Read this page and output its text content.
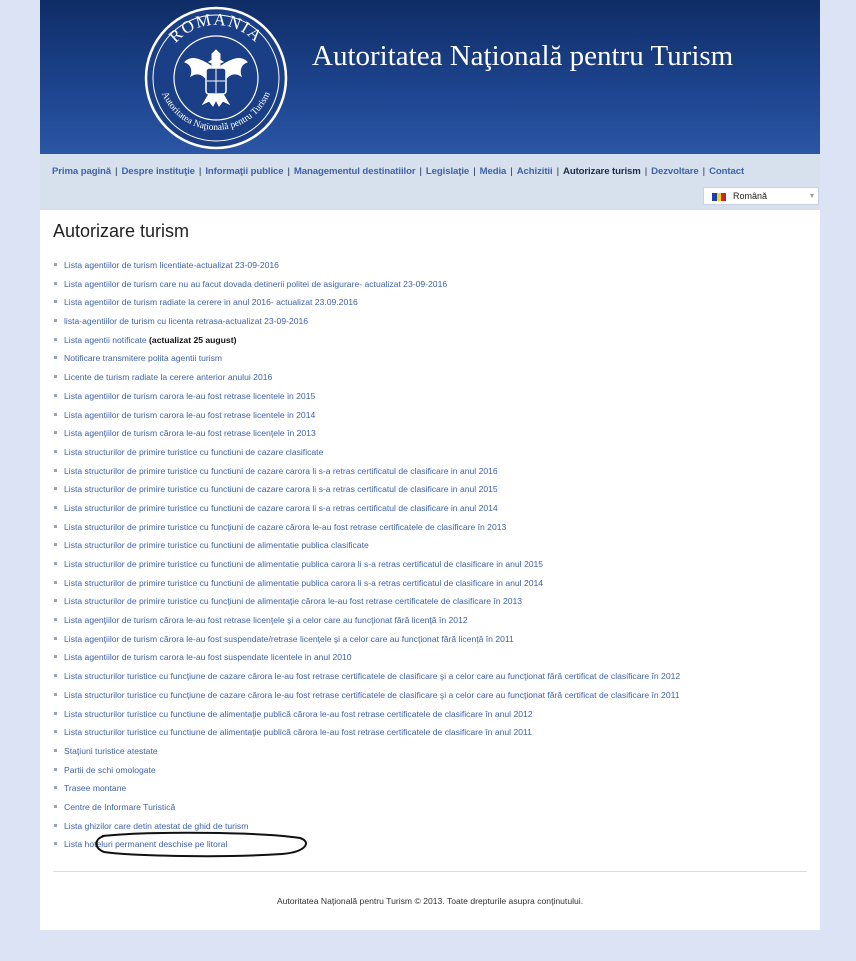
ROMANIA
Autoritatea Naţională pentru Turism
Autoritatea Naţională pentru Turism
Prima pagină | Despre instituţie | Informaţii publice | Managementul destinatiilor | Legislaţie | Media | Achizitii | Autorizare turism | Dezvoltare | Contact
Română	▾
Autorizare turism
Lista agentiilor de turism licentiate-actualizat 23-09-2016
Lista agentiilor de turism care nu au facut dovada detinerii politei de asigurare- actualizat 23-09-2016
Lista agentiilor de turism radiate la cerere in anul 2016- actualizat 23.09.2016
lista-agentiilor de turism cu licenta retrasa-actualizat 23-09-2016
Lista agentii notificate (actualizat 25 august)
Notificare transmitere polita agentii turism
Licente de turism radiate la cerere anterior anului 2016
Lista agentiilor de turism carora le-au fost retrase licentele in 2015
Lista agentiilor de turism carora le-au fost retrase licentele in 2014
Lista agenţiilor de turism cărora le-au fost retrase licenţele în 2013
Lista structurilor de primire turistice cu functiuni de cazare clasificate
Lista structurilor de primire turistice cu functiuni de cazare carora li s-a retras certificatul de clasificare in anul 2016
Lista structurilor de primire turistice cu functiuni de cazare carora li s-a retras certificatul de clasificare in anul 2015
Lista structurilor de primire turistice cu functiuni de cazare carora li s-a retras certificatul de clasificare in anul 2014
Lista structurilor de primire turistice cu funcţiuni de cazare cărora le-au fost retrase certificatele de clasificare în 2013
Lista structurilor de primire turistice cu functiuni de alimentatie publica clasificate
Lista structurilor de primire turistice cu functiuni de alimentatie publica carora li s-a retras certificatul de clasificare in anul 2015
Lista structurilor de primire turistice cu functiuni de alimentatie publica carora li s-a retras certificatul de clasificare in anul 2014
Lista structurilor de primire turistice cu funcţiuni de alimentaţie cărora le-au fost retrase certificatele de clasificare în 2013
Lista agenţiilor de turism cărora le-au fost retrase licenţele şi a celor care au funcţionat fără licenţă în 2012
Lista agenţiilor de turism cărora le-au fost suspendate/retrase licenţele şi a celor care au funcţionat fără licenţă în 2011
Lista agentiilor de turism carora le-au fost suspendate licentele in anul 2010
Lista structurilor turistice cu funcţiune de cazare cărora le-au fost retrase certificatele de clasificare şi a celor care au funcţionat fără certificat de clasificare în 2012
Lista structurilor turistice cu funcţiune de cazare cărora le-au fost retrase certificatele de clasificare şi a celor care au funcţionat fără certificat de clasificare în 2011
Lista structurilor turistice cu functiune de alimentaţie publică cărora le-au fost retrase certificatele de clasificare în anul 2012
Lista structurilor turistice cu functiune de alimentaţie publică cărora le-au fost retrase certificatele de clasificare în anul 2011
Staţiuni turistice atestate
Partii de schi omologate
Trasee montane
Centre de Informare Turistică
Lista ghizilor care detin atestat de ghid de turism
Lista hoteluri permanent deschise pe litoral
Autoritatea Naţională pentru Turism © 2013. Toate drepturile asupra conţinutului.
